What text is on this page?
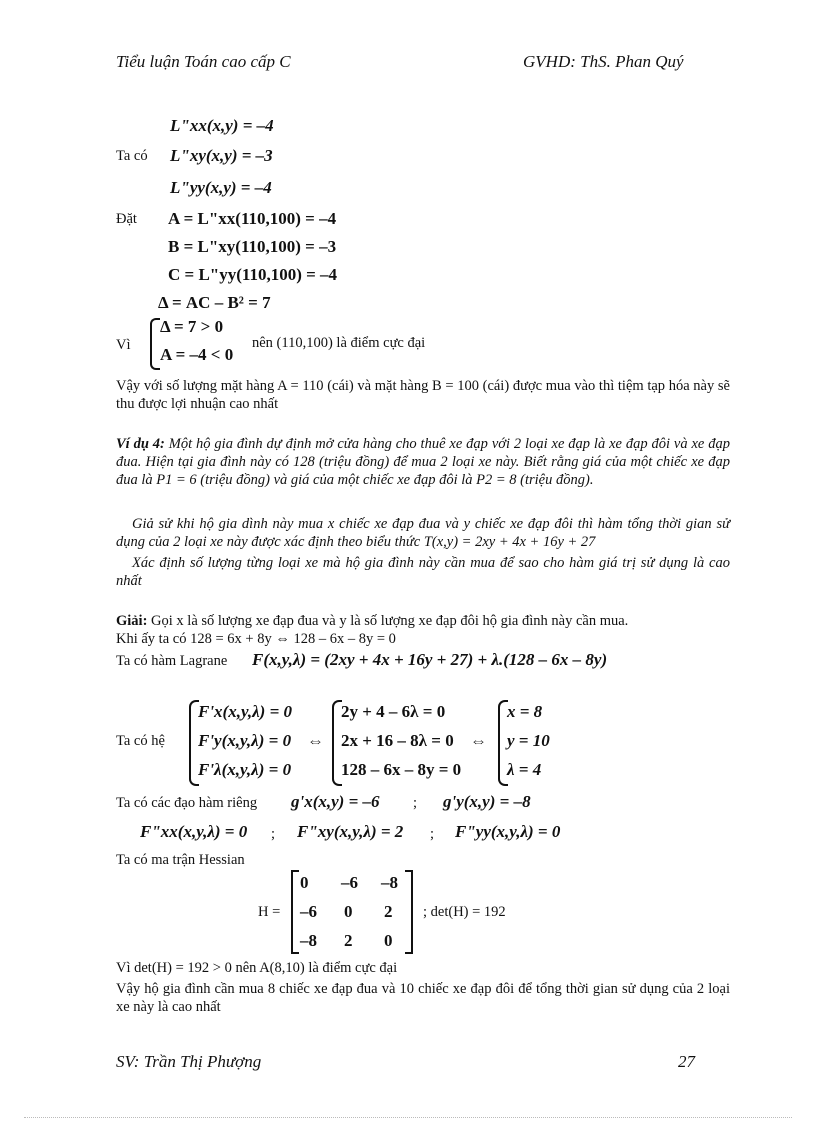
Tiểu luận Toán cao cấp C	GVHD: ThS. Phan Quý
L"xx(x,y) = –4
Ta có L"xy(x,y) = –3
L"yy(x,y) = –4
Đặt A = L"xx(110,100) = –4
B = L"xy(110,100) = –3
C = L"yy(110,100) = –4
Δ = AC – B² = 7
Vì
Δ = 7 > 0
A = –4 < 0
nên (110,100) là điểm cực đại
Vậy với số lượng mặt hàng A = 110 (cái) và mặt hàng B = 100 (cái) được mua vào thì tiệm tạp hóa này sẽ thu được lợi nhuận cao nhất
Ví dụ 4: Một hộ gia đình dự định mở cửa hàng cho thuê xe đạp với 2 loại xe đạp là xe đạp đôi và xe đạp đua. Hiện tại gia đình này có 128 (triệu đồng) để mua 2 loại xe này. Biết rằng giá của một chiếc xe đạp đua là P1 = 6 (triệu đồng) và giá của một chiếc xe đạp đôi là P2 = 8 (triệu đồng).
Giả sử khi hộ gia dình này mua x chiếc xe đạp đua và y chiếc xe đạp đôi thì hàm tổng thời gian sử dụng của 2 loại xe này được xác định theo biểu thức T(x,y) = 2xy + 4x + 16y + 27
Xác định số lượng từng loại xe mà hộ gia đình này cần mua để sao cho hàm giá trị sử dụng là cao nhất
Giải: Gọi x là số lượng xe đạp đua và y là số lượng xe đạp đôi hộ gia đình này cần mua.
Khi ấy ta có 128 = 6x + 8y ⇔ 128 – 6x – 8y = 0
Ta có hàm Lagrane F(x,y,λ) = (2xy + 4x + 16y + 27) + λ.(128 – 6x – 8y)
Ta có hệ
F'x(x,y,λ) = 0
F'y(x,y,λ) = 0
F'λ(x,y,λ) = 0
⇔
2y + 4 – 6λ = 0
2x + 16 – 8λ = 0
128 – 6x – 8y = 0
⇔
x = 8
y = 10
λ = 4
Ta có các đạo hàm riêng g'x(x,y) = –6 ; g'y(x,y) = –8
F"xx(x,y,λ) = 0 ; F"xy(x,y,λ) = 2 ; F"yy(x,y,λ) = 0
Ta có ma trận Hessian
H =
0	–6	–8
–6	0	2
–8	2	0
; det(H) = 192
Vì det(H) = 192 > 0 nên A(8,10) là điểm cực đại
Vậy hộ gia đình cần mua 8 chiếc xe đạp đua và 10 chiếc xe đạp đôi để tổng thời gian sử dụng của 2 loại xe này là cao nhất
SV: Trần Thị Phượng	27
